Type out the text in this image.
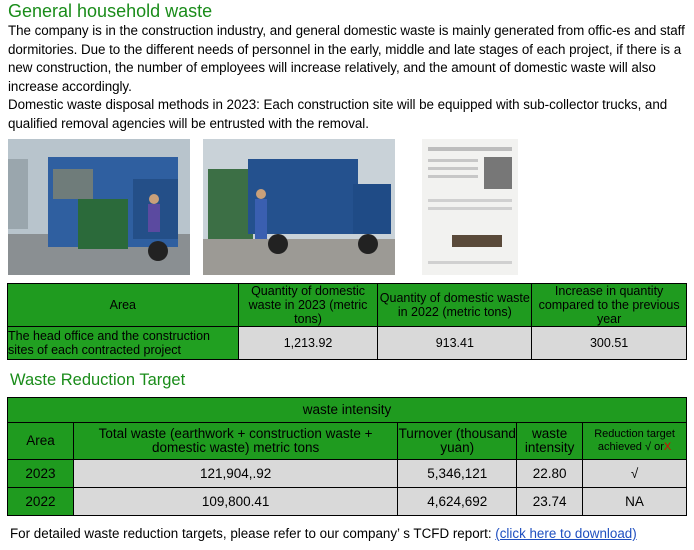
General household waste
The company is in the construction industry, and general domestic waste is mainly generated from offic-es and staff dormitories. Due to the different needs of personnel in the early, middle and late stages of each project, if there is a new construction, the number of employees will increase relatively, and the amount of domestic waste will also increase accordingly.
Domestic waste disposal methods in 2023: Each construction site will be equipped with sub-collector trucks, and qualified removal agencies will be entrusted with the removal.
Area	Quantity of domestic waste in 2023 (metric tons)	Quantity of domestic waste in 2022 (metric tons)	Increase in quantity compared to the previous year
The head office and the construction sites of each contracted project	1,213.92	913.41	300.51
Waste Reduction Target
waste intensity				
Area	Total waste (earthwork + construction waste + domestic waste) metric tons	Turnover (thousand yuan)	waste intensity	Reduction target achieved √ orX
2023	121,904,.92	5,346,121	22.80	√
2022	109,800.41	4,624,692	23.74	NA
For detailed waste reduction targets, please refer to our company’ s TCFD report: (click here to download)
